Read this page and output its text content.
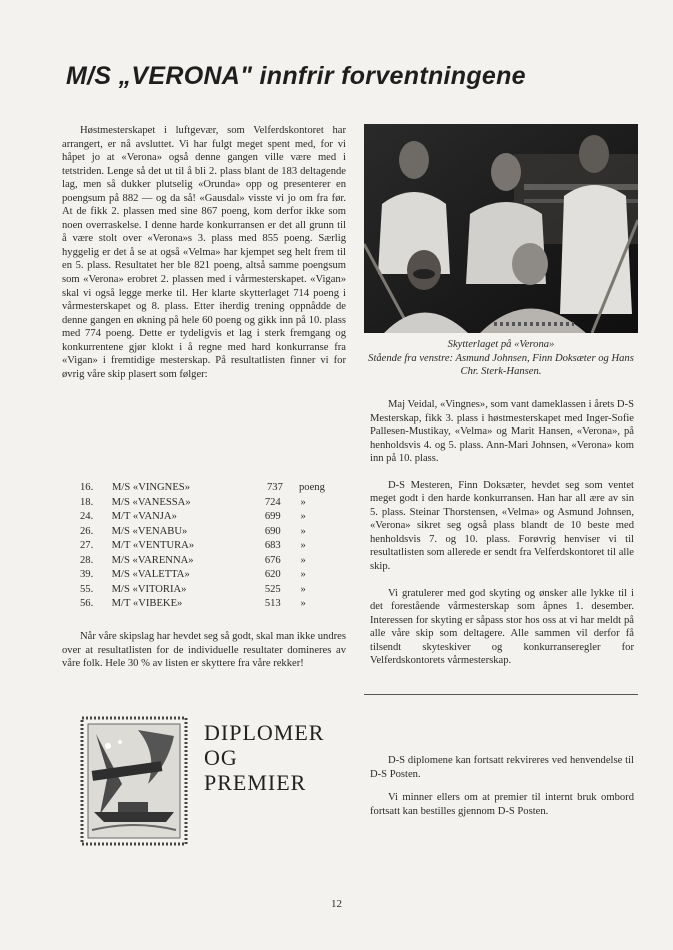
M/S „VERONA" innfrir forventningene

Høstmesterskapet i luftgevær, som Velferdskontoret har arrangert, er nå avsluttet. Vi har fulgt meget spent med, for vi håpet jo at «Verona» også denne gangen ville være med i tetstriden. Lenge så det ut til å bli 2. plass blant de 183 deltagende lag, men så dukker plutselig «Orunda» opp og presenterer en poengsum på 882 — og da så! «Gausdal» visste vi jo om fra før. At de fikk 2. plassen med sine 867 poeng, kom derfor ikke som noen overraskelse. I denne harde konkurransen er det all grunn til å være stolt over «Verona»s 3. plass med 855 poeng. Særlig hyggelig er det å se at også «Velma» har kjempet seg helt frem til en 5. plass. Resultatet her ble 821 poeng, altså samme poengsum som «Verona» erobret 2. plassen med i vårmesterskapet. «Vigan» skal vi også legge merke til. Her klarte skytterlaget 714 poeng i vårmesterskapet og 8. plass. Etter iherdig trening oppnådde de denne gangen en økning på hele 60 poeng og gikk inn på 10. plass med 774 poeng. Dette er tydeligvis et lag i sterk fremgang og konkurrentene gjør klokt i å regne med hard konkurranse fra «Vigan» i fremtidige mesterskap. På resultatlisten finner vi for øvrig våre skip plasert som følger:

16.	M/S «VINGNES»	737	poeng
18.	M/S «VANESSA»	724	»
24.	M/T «VANJA»	699	»
26.	M/S «VENABU»	690	»
27.	M/T «VENTURA»	683	»
28.	M/S «VARENNA»	676	»
39.	M/S «VALETTA»	620	»
55.	M/S «VITORIA»	525	»
56.	M/T «VIBEKE»	513	»

Når våre skipslag har hevdet seg så godt, skal man ikke undres over at resultatlisten for de individuelle resultater domineres av våre folk. Hele 30 % av listen er skyttere fra våre rekker!

Skytterlaget på «Verona»
Stående fra venstre: Asmund Johnsen, Finn Doksæter og Hans Chr. Sterk-Hansen.

Maj Veidal, «Vingnes», som vant dameklassen i årets D-S Mesterskap, fikk 3. plass i høstmesterskapet med Inger-Sofie Pallesen-Mustikay, «Velma» og Marit Hansen, «Verona», på henholdsvis 4. og 5. plass. Ann-Mari Johnsen, «Verona» kom inn på 10. plass.

D-S Mesteren, Finn Doksæter, hevdet seg som ventet meget godt i den harde konkurransen. Han har all ære av sin 5. plass. Steinar Thorstensen, «Velma» og Asmund Johnsen, «Verona» sikret seg også plass blandt de 10 beste med henholdsvis 7. og 10. plass. Forøvrig henviser vi til resultatlisten som allerede er sendt fra Velferdskontoret til alle skip.

Vi gratulerer med god skyting og ønsker alle lykke til i det forestående vårmesterskap som åpnes 1. desember. Interessen for skyting er såpass stor hos oss at vi har meldt på alle våre skip som deltagere. Alle sammen vil derfor få tilsendt skyteskiver og konkurranseregler for Velferdskontorets vårmesterskap.

DIPLOMER
OG
PREMIER

D-S diplomene kan fortsatt rekvireres ved henvendelse til D-S Posten.

Vi minner ellers om at premier til internt bruk ombord fortsatt kan bestilles gjennom D-S Posten.

12
